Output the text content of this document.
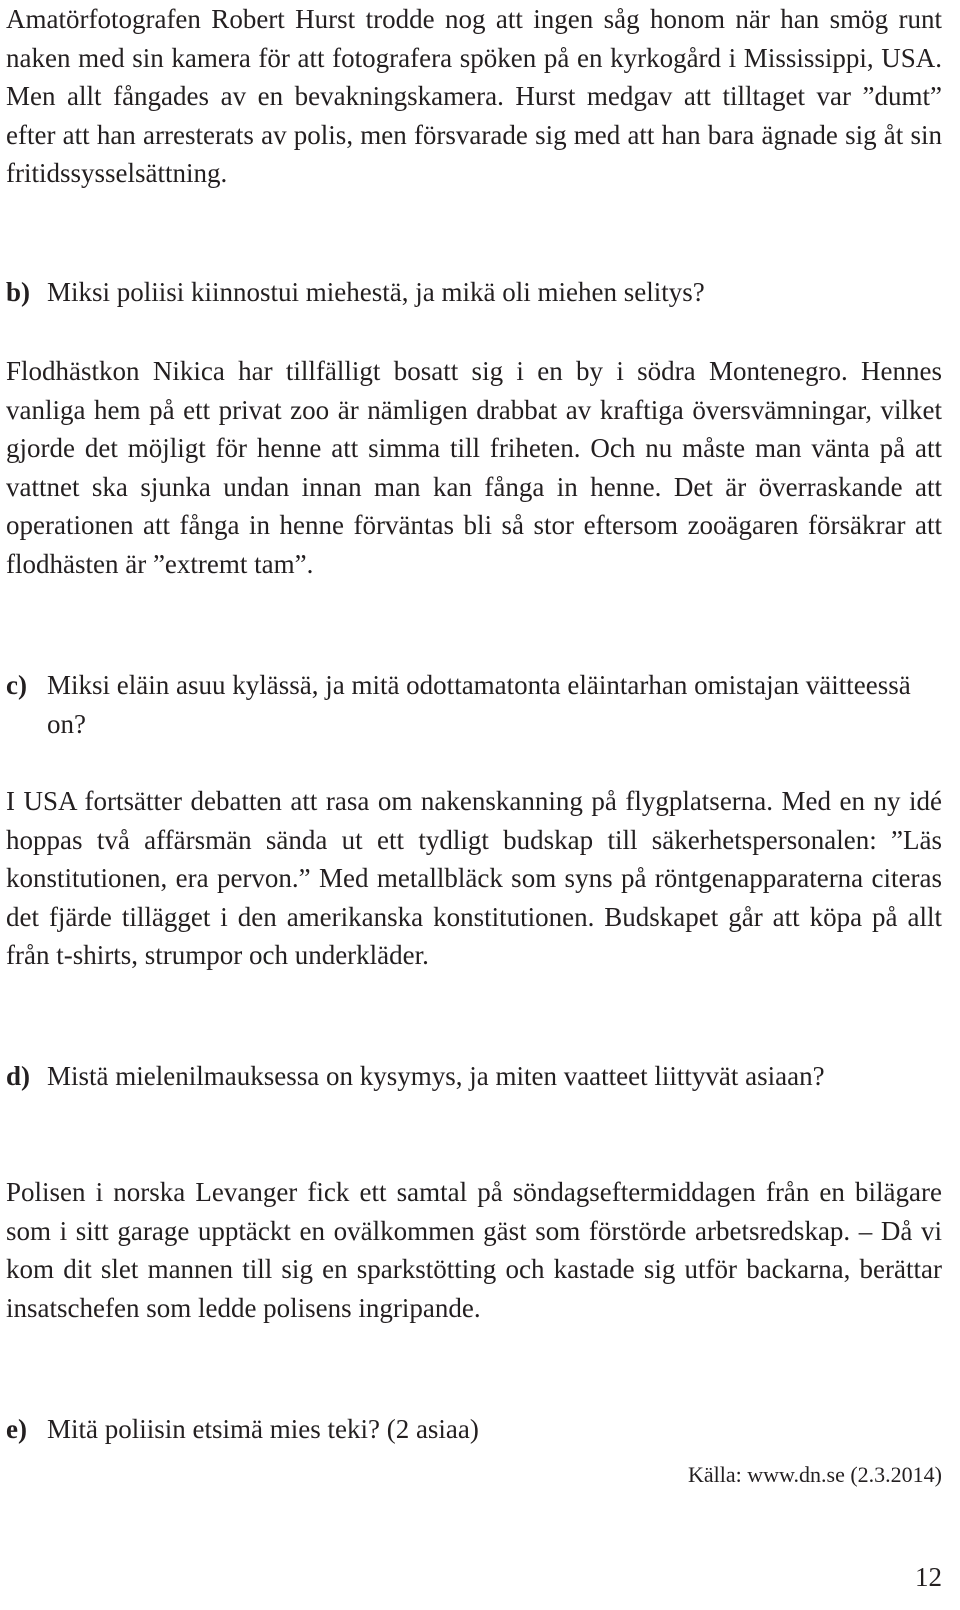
Amatörfotografen Robert Hurst trodde nog att ingen såg honom när han smög runt naken med sin kamera för att fotografera spöken på en kyrkogård i Mississippi, USA. Men allt fångades av en bevakningskamera. Hurst medgav att tilltaget var ”dumt” efter att han arresterats av polis, men försvarade sig med att han bara ägnade sig åt sin fritidssysselsättning.

b) Miksi poliisi kiinnostui miehestä, ja mikä oli miehen selitys?

Flodhästkon Nikica har tillfälligt bosatt sig i en by i södra Montenegro. Hennes vanliga hem på ett privat zoo är nämligen drabbat av kraftiga översvämningar, vilket gjorde det möjligt för henne att simma till friheten. Och nu måste man vänta på att vattnet ska sjunka undan innan man kan fånga in henne. Det är överraskande att operationen att fånga in henne förväntas bli så stor eftersom zooägaren försäkrar att flodhästen är ”extremt tam”.

c) Miksi eläin asuu kylässä, ja mitä odottamatonta eläintarhan omistajan väitteessä on?

I USA fortsätter debatten att rasa om nakenskanning på flygplatserna. Med en ny idé hoppas två affärsmän sända ut ett tydligt budskap till säkerhetspersonalen: ”Läs konstitutionen, era pervon.” Med metallbläck som syns på röntgenapparaterna citeras det fjärde tillägget i den amerikanska konstitutionen. Budskapet går att köpa på allt från t-shirts, strumpor och underkläder.

d) Mistä mielenilmauksessa on kysymys, ja miten vaatteet liittyvät asiaan?

Polisen i norska Levanger fick ett samtal på söndagseftermiddagen från en bilägare som i sitt garage upptäckt en ovälkommen gäst som förstörde arbetsredskap. – Då vi kom dit slet mannen till sig en sparkstötting och kastade sig utför backarna, berättar insatschefen som ledde polisens ingripande.

e) Mitä poliisin etsimä mies teki? (2 asiaa)
Källa: www.dn.se (2.3.2014)
12
